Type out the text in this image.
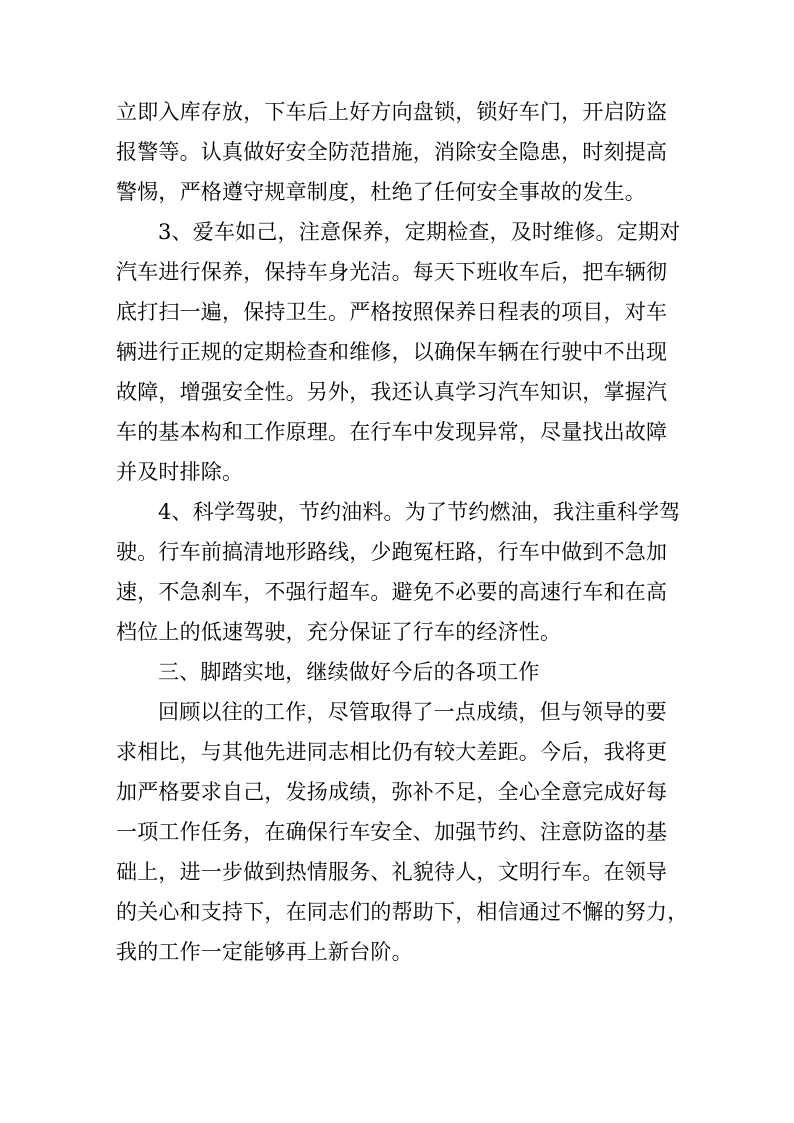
立即入库存放，下车后上好方向盘锁，锁好车门，开启防盗
报警等。认真做好安全防范措施，消除安全隐患，时刻提高
警惕，严格遵守规章制度，杜绝了任何安全事故的发生。
3、爱车如己，注意保养，定期检查，及时维修。定期对
汽车进行保养，保持车身光洁。每天下班收车后，把车辆彻
底打扫一遍，保持卫生。严格按照保养日程表的项目，对车
辆进行正规的定期检查和维修，以确保车辆在行驶中不出现
故障，增强安全性。另外，我还认真学习汽车知识，掌握汽
车的基本构和工作原理。在行车中发现异常，尽量找出故障
并及时排除。
4、科学驾驶，节约油料。为了节约燃油，我注重科学驾
驶。行车前搞清地形路线，少跑冤枉路，行车中做到不急加
速，不急刹车，不强行超车。避免不必要的高速行车和在高
档位上的低速驾驶，充分保证了行车的经济性。
三、脚踏实地，继续做好今后的各项工作
回顾以往的工作，尽管取得了一点成绩，但与领导的要
求相比，与其他先进同志相比仍有较大差距。今后，我将更
加严格要求自己，发扬成绩，弥补不足，全心全意完成好每
一项工作任务，在确保行车安全、加强节约、注意防盗的基
础上，进一步做到热情服务、礼貌待人，文明行车。在领导
的关心和支持下，在同志们的帮助下，相信通过不懈的努力，
我的工作一定能够再上新台阶。
